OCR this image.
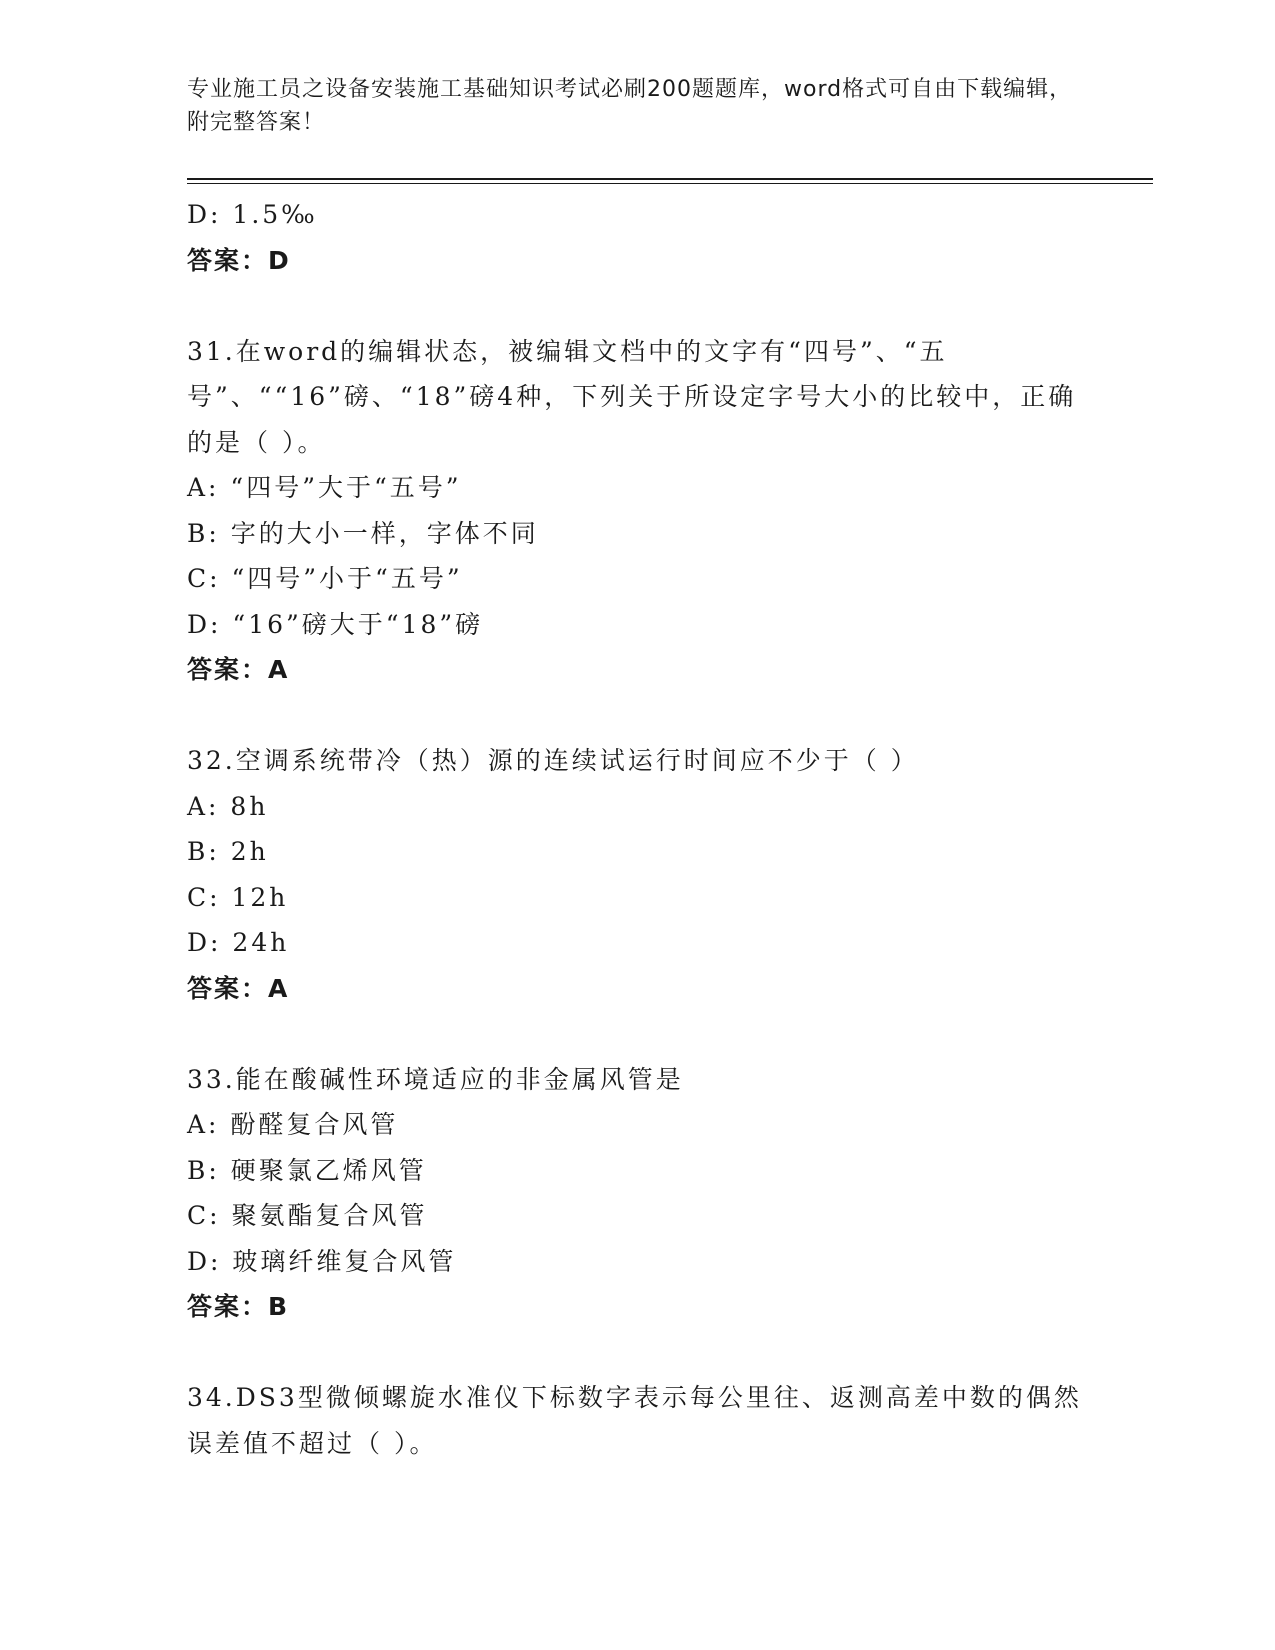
专业施工员之设备安装施工基础知识考试必刷200题题库，word格式可自由下载编辑，附完整答案！
D: 1.5‰
答案：D
31.在word的编辑状态，被编辑文档中的文字有“四号”、“五号”、““16”磅、“18”磅4种，下列关于所设定字号大小的比较中，正确的是（ ）。
A: “四号”大于“五号”
B: 字的大小一样，字体不同
C: “四号”小于“五号”
D: “16”磅大于“18”磅
答案：A
32.空调系统带冷（热）源的连续试运行时间应不少于（ ）
A: 8h
B: 2h
C: 12h
D: 24h
答案：A
33.能在酸碱性环境适应的非金属风管是
A: 酚醛复合风管
B: 硬聚氯乙烯风管
C: 聚氨酯复合风管
D: 玻璃纤维复合风管
答案：B
34.DS3型微倾螺旋水准仪下标数字表示每公里往、返测高差中数的偶然误差值不超过（ ）。
